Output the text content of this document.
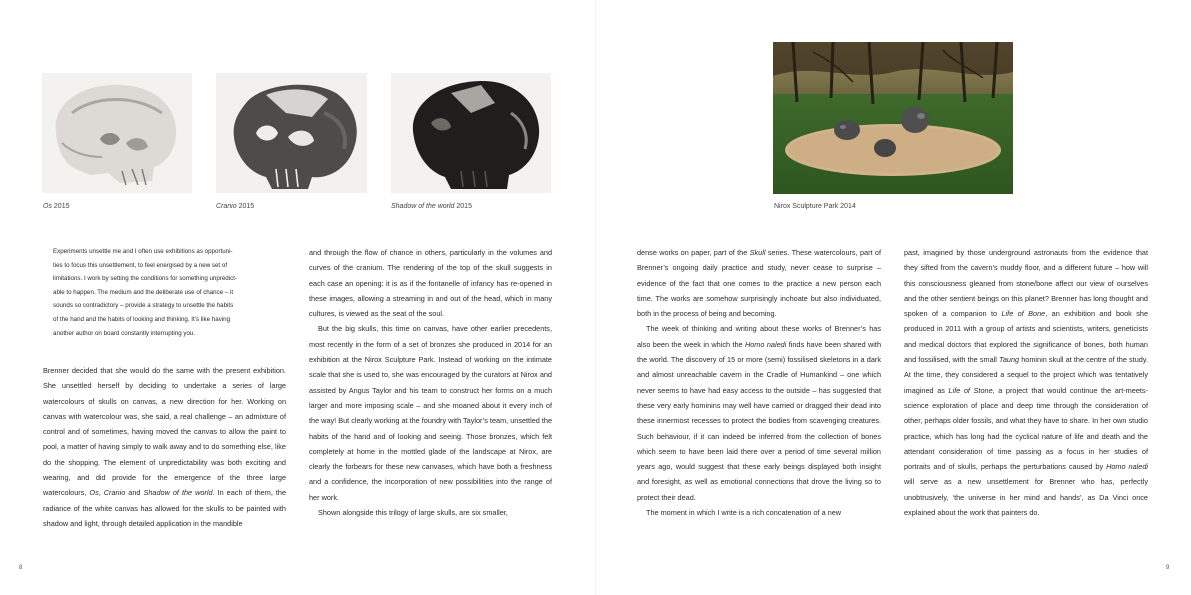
Os 2015	Cranio 2015	Shadow of the world 2015

Experiments unsettle me and I often use exhibitions as opportuni-

ties to focus this unsettlement, to feel energised by a new set of

limitations. I work by setting the conditions for something unpredict-

able to happen. The medium and the deliberate use of chance – it

sounds so contradictory – provide a strategy to unsettle the habits

of the hand and the habits of looking and thinking. It’s like having

another author on board constantly interrupting you.

Brenner decided that she would do the same with the present exhibition. She unsettled herself by deciding to undertake a series of large watercolours of skulls on canvas, a new direction for her. Working on canvas with watercolour was, she said, a real challenge – an admixture of control and of sometimes, having moved the canvas to allow the paint to pool, a matter of having simply to walk away and to do something else, like do the shopping. The element of unpredictability was both exciting and wearing, and did provide for the emergence of the three large watercolours, Os, Cranio and Shadow of the world. In each of them, the radiance of the white canvas has allowed for the skulls to be painted with shadow and light, through detailed application in the mandible

and through the flow of chance in others, particularly in the volumes and curves of the cranium. The rendering of the top of the skull suggests in each case an opening: it is as if the fontanelle of infancy has re-opened in these images, allowing a streaming in and out of the head, which in many cultures, is viewed as the seat of the soul.

But the big skulls, this time on canvas, have other earlier precedents, most recently in the form of a set of bronzes she produced in 2014 for an exhibition at the Nirox Sculpture Park. Instead of working on the intimate scale that she is used to, she was encouraged by the curators at Nirox and assisted by Angus Taylor and his team to construct her forms on a much larger and more imposing scale – and she moaned about it every inch of the way! But clearly working at the foundry with Taylor’s team, unsettled the habits of the hand and of looking and seeing. Those bronzes, which felt completely at home in the mottled glade of the landscape at Nirox, are clearly the forbears for these new canvases, which have both a freshness and a confidence, the incorporation of new possibilities into the range of her work.

Shown alongside this trilogy of large skulls, are six smaller,

8
Nirox Sculpture Park 2014

dense works on paper, part of the Skull series. These watercolours, part of Brenner’s ongoing daily practice and study, never cease to surprise – evidence of the fact that one comes to the practice a new person each time. The works are somehow surprisingly inchoate but also individuated, both in the process of being and becoming.

The week of thinking and writing about these works of Brenner’s has also been the week in which the Homo naledi finds have been shared with the world. The discovery of 15 or more (semi) fossilised skeletons in a dark and almost unreachable cavern in the Cradle of Humankind – one which never seems to have had easy access to the outside – has suggested that these very early hominins may well have carried or dragged their dead into these innermost recesses to protect the bodies from scavenging creatures. Such behaviour, if it can indeed be inferred from the collection of bones which seem to have been laid there over a period of time several million years ago, would suggest that these early beings displayed both insight and foresight, as well as emotional connections that drove the living so to protect their dead.

The moment in which I write is a rich concatenation of a new

past, imagined by those underground astronauts from the evidence that they sifted from the cavern’s muddy floor, and a different future – how will this consciousness gleaned from stone/bone affect our view of ourselves and the other sentient beings on this planet? Brenner has long thought and spoken of a companion to Life of Bone, an exhibition and book she produced in 2011 with a group of artists and scientists, writers, geneticists and medical doctors that explored the significance of bones, both human and fossilised, with the small Taung hominin skull at the centre of the study. At the time, they considered a sequel to the project which was tentatively imagined as Life of Stone, a project that would continue the art-meets-science exploration of place and deep time through the consideration of other, perhaps older fossils, and what they have to share. In her own studio practice, which has long had the cyclical nature of life and death and the attendant consideration of time passing as a focus in her studies of portraits and of skulls, perhaps the perturbations caused by Homo naledi will serve as a new unsettlement for Brenner who has, perfectly unobtrusively, ‘the universe in her mind and hands’, as Da Vinci once explained about the work that painters do.

9
